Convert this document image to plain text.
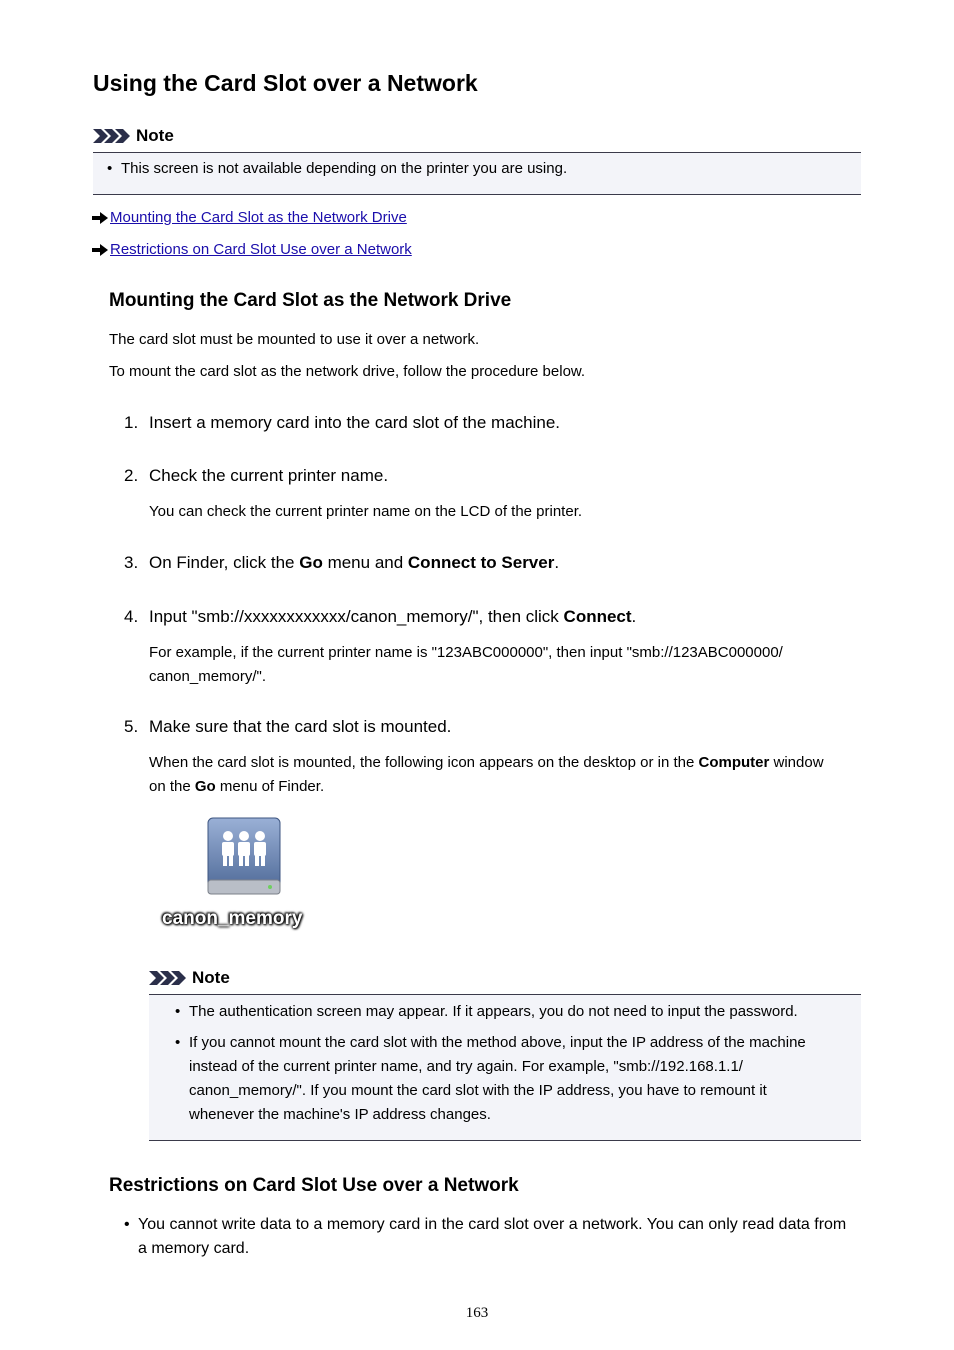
Using the Card Slot over a Network
Note
• This screen is not available depending on the printer you are using.
Mounting the Card Slot as the Network Drive
Restrictions on Card Slot Use over a Network
Mounting the Card Slot as the Network Drive
The card slot must be mounted to use it over a network.
To mount the card slot as the network drive, follow the procedure below.
1. Insert a memory card into the card slot of the machine.
2. Check the current printer name.
You can check the current printer name on the LCD of the printer.
3. On Finder, click the Go menu and Connect to Server.
4. Input "smb://xxxxxxxxxxxx/canon_memory/", then click Connect.
For example, if the current printer name is "123ABC000000", then input "smb://123ABC000000/
canon_memory/".
5. Make sure that the card slot is mounted.
When the card slot is mounted, the following icon appears on the desktop or in the Computer window
on the Go menu of Finder.
canon_memory
Note
• The authentication screen may appear. If it appears, you do not need to input the password.
• If you cannot mount the card slot with the method above, input the IP address of the machine
instead of the current printer name, and try again. For example, "smb://192.168.1.1/
canon_memory/". If you mount the card slot with the IP address, you have to remount it
whenever the machine's IP address changes.
Restrictions on Card Slot Use over a Network
• You cannot write data to a memory card in the card slot over a network. You can only read data from
a memory card.
163
